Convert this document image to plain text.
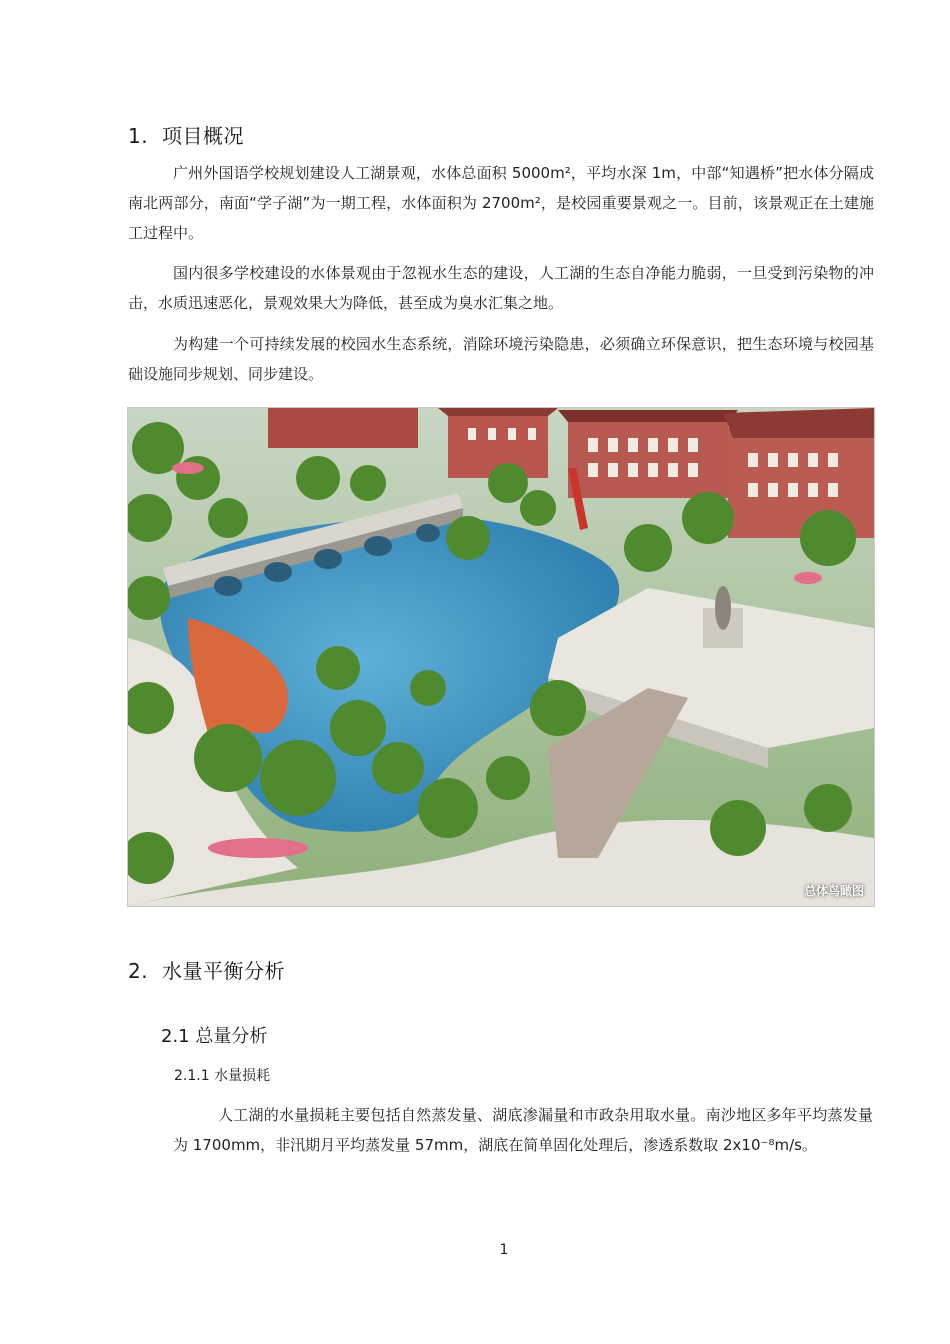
1. 项目概况
广州外国语学校规划建设人工湖景观，水体总面积 5000m²，平均水深 1m，中部“知遇桥”把水体分隔成南北两部分，南面“学子湖”为一期工程，水体面积为 2700m²，是校园重要景观之一。目前，该景观正在土建施工过程中。
国内很多学校建设的水体景观由于忽视水生态的建设，人工湖的生态自净能力脆弱，一旦受到污染物的冲击，水质迅速恶化，景观效果大为降低，甚至成为臭水汇集之地。
为构建一个可持续发展的校园水生态系统，消除环境污染隐患，必须确立环保意识，把生态环境与校园基础设施同步规划、同步建设。
总体鸟瞰图
2. 水量平衡分析
2.1 总量分析
2.1.1 水量损耗
人工湖的水量损耗主要包括自然蒸发量、湖底渗漏量和市政杂用取水量。南沙地区多年平均蒸发量为 1700mm，非汛期月平均蒸发量 57mm，湖底在简单固化处理后，渗透系数取 2x10⁻⁸m/s。
1
